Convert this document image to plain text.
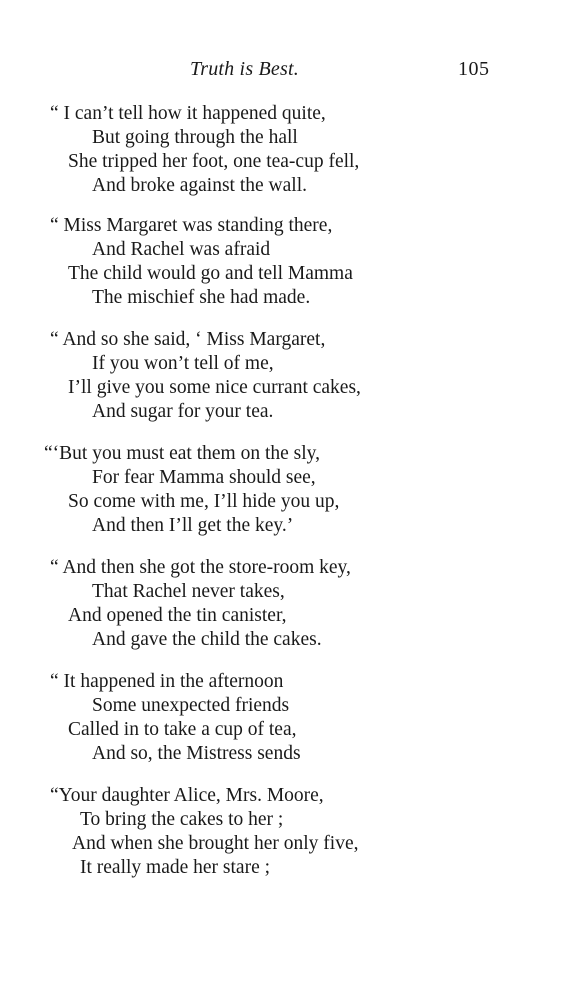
Truth is Best.	105
“ I can’t tell how it happened quite,
But going through the hall
She tripped her foot, one tea-cup fell,
And broke against the wall.
“ Miss Margaret was standing there,
And Rachel was afraid
The child would go and tell Mamma
The mischief she had made.
“ And so she said, ‘ Miss Margaret,
If you won’t tell of me,
I’ll give you some nice currant cakes,
And sugar for your tea.
“‘But you must eat them on the sly,
For fear Mamma should see,
So come with me, I’ll hide you up,
And then I’ll get the key.’
“ And then she got the store-room key,
That Rachel never takes,
And opened the tin canister,
And gave the child the cakes.
“ It happened in the afternoon
Some unexpected friends
Called in to take a cup of tea,
And so, the Mistress sends
“Your daughter Alice, Mrs. Moore,
To bring the cakes to her ;
And when she brought her only five,
It really made her stare ;
